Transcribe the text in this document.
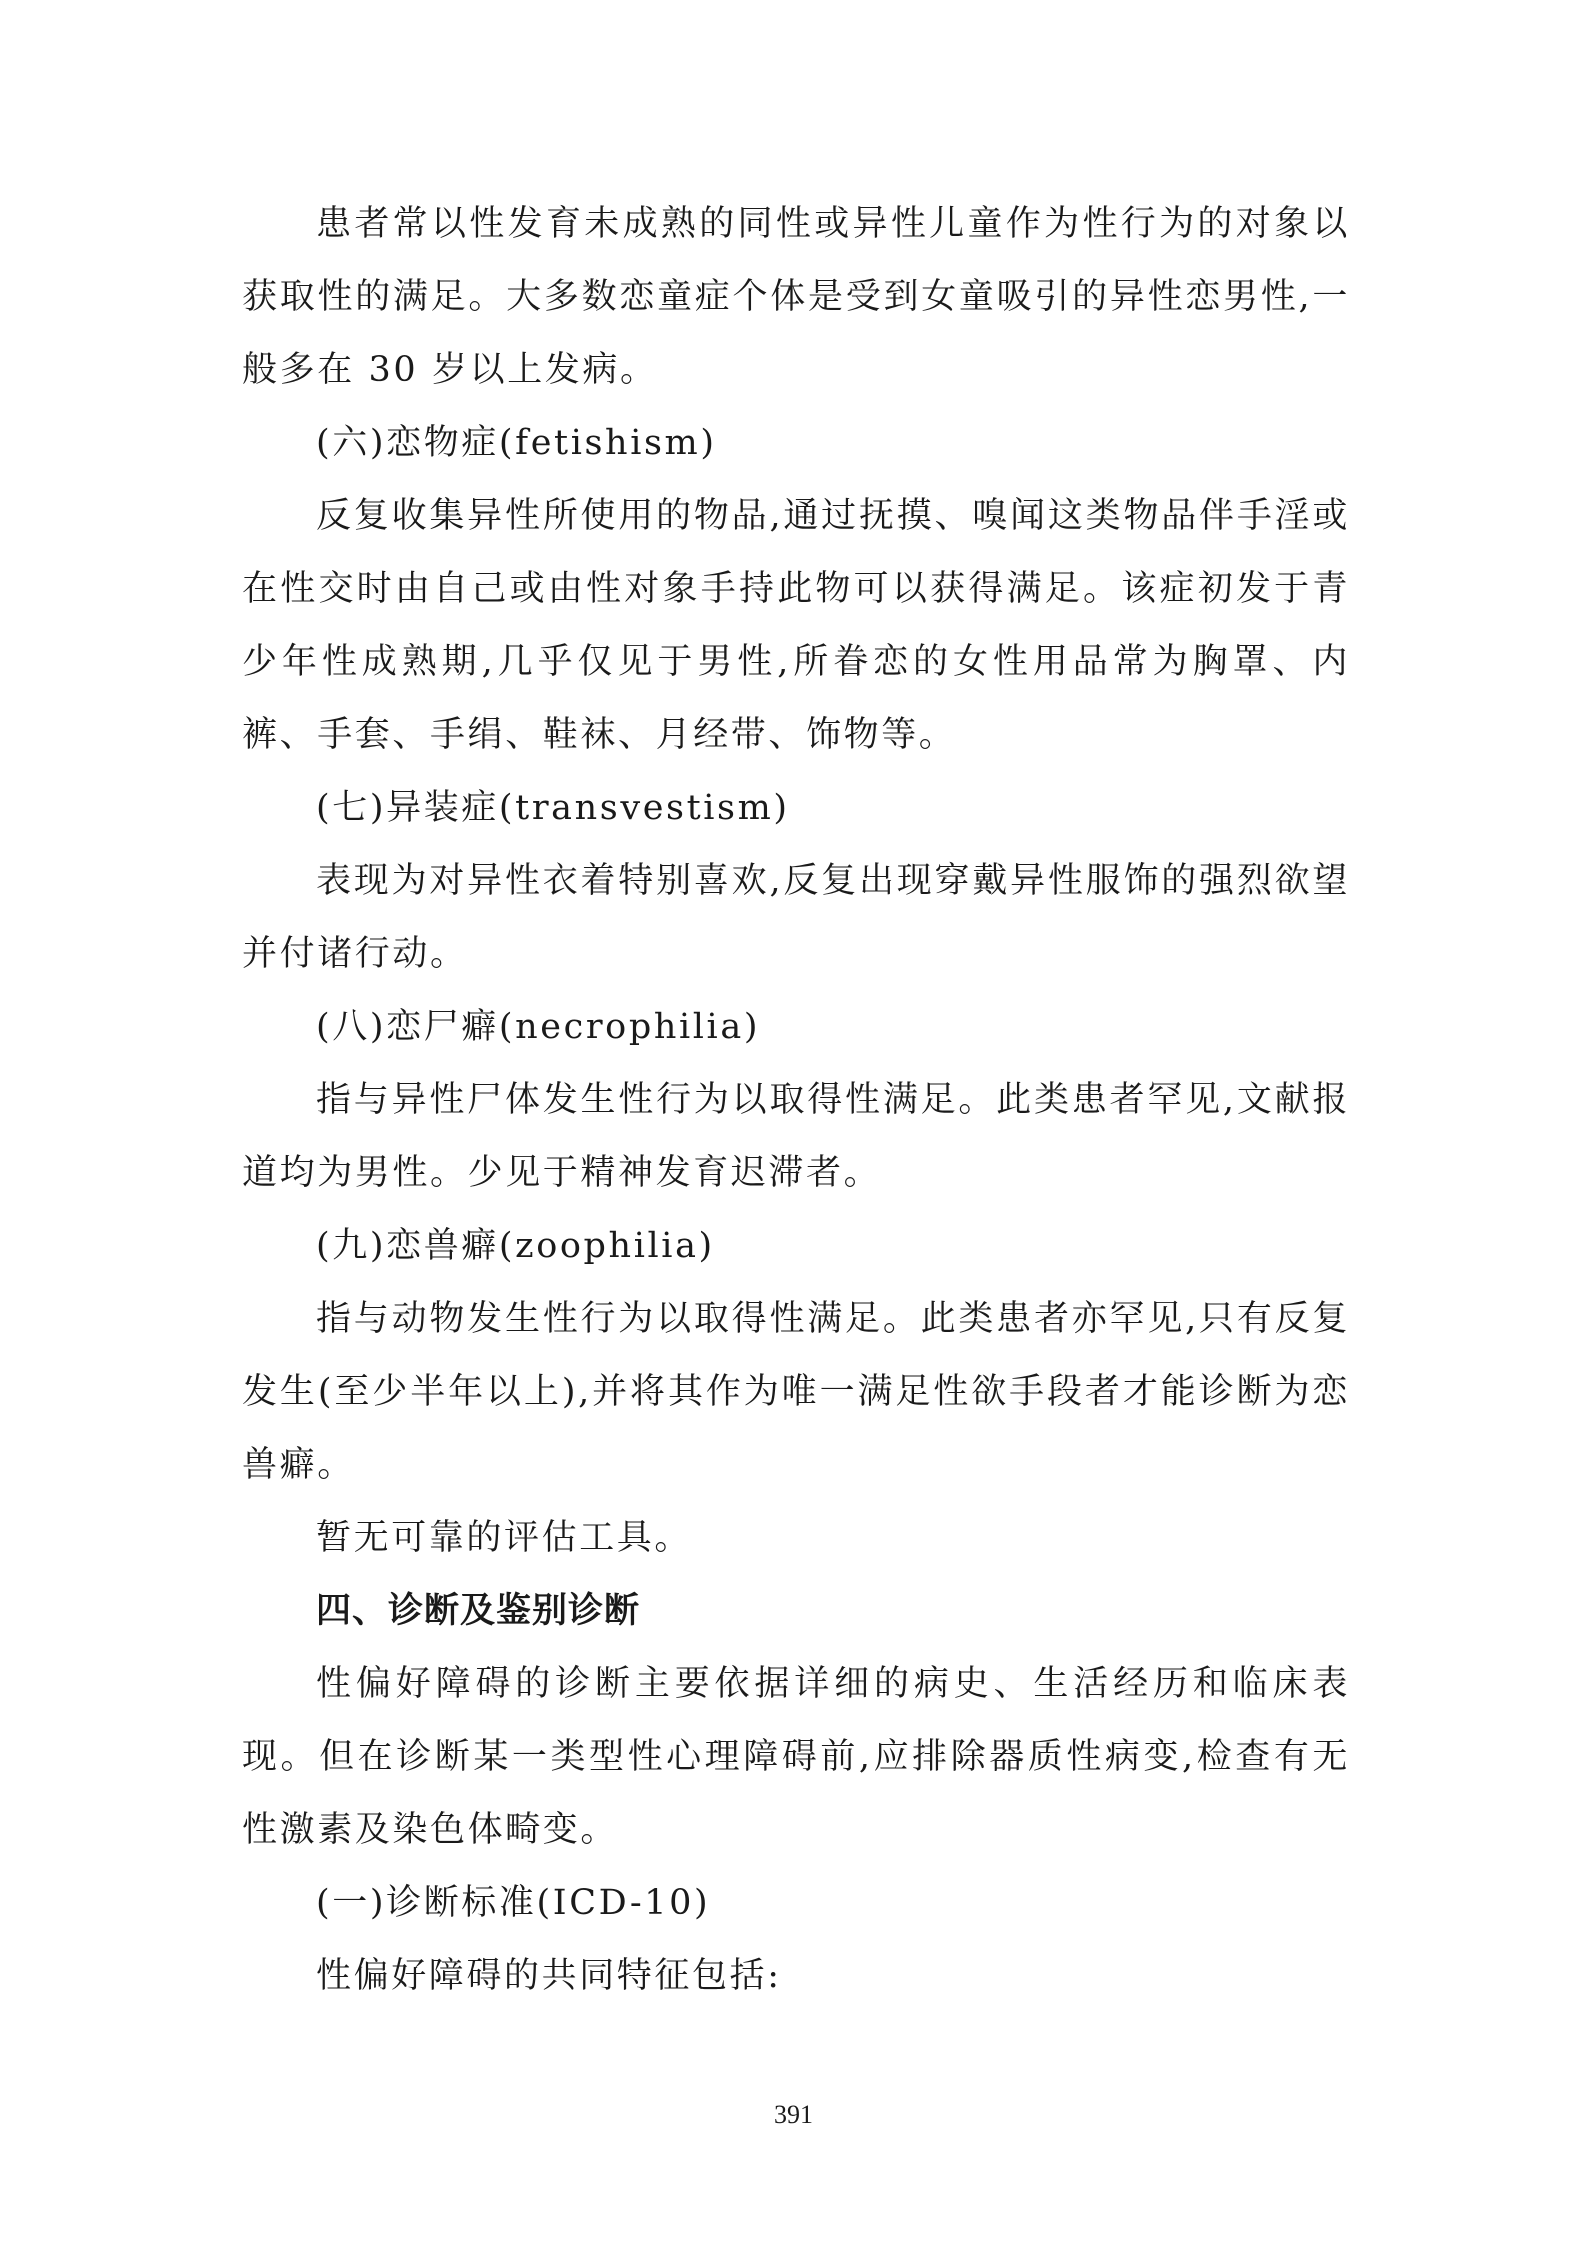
患者常以性发育未成熟的同性或异性儿童作为性行为的对象以获取性的满足。大多数恋童症个体是受到女童吸引的异性恋男性,一般多在 30 岁以上发病。

(六)恋物症(fetishism)

反复收集异性所使用的物品,通过抚摸、嗅闻这类物品伴手淫或在性交时由自己或由性对象手持此物可以获得满足。该症初发于青少年性成熟期,几乎仅见于男性,所眷恋的女性用品常为胸罩、内裤、手套、手绢、鞋袜、月经带、饰物等。

(七)异装症(transvestism)

表现为对异性衣着特别喜欢,反复出现穿戴异性服饰的强烈欲望并付诸行动。

(八)恋尸癖(necrophilia)

指与异性尸体发生性行为以取得性满足。此类患者罕见,文献报道均为男性。少见于精神发育迟滞者。

(九)恋兽癖(zoophilia)

指与动物发生性行为以取得性满足。此类患者亦罕见,只有反复发生(至少半年以上),并将其作为唯一满足性欲手段者才能诊断为恋兽癖。

暂无可靠的评估工具。

四、诊断及鉴别诊断

性偏好障碍的诊断主要依据详细的病史、生活经历和临床表现。但在诊断某一类型性心理障碍前,应排除器质性病变,检查有无性激素及染色体畸变。

(一)诊断标准(ICD-10)

性偏好障碍的共同特征包括:

391
